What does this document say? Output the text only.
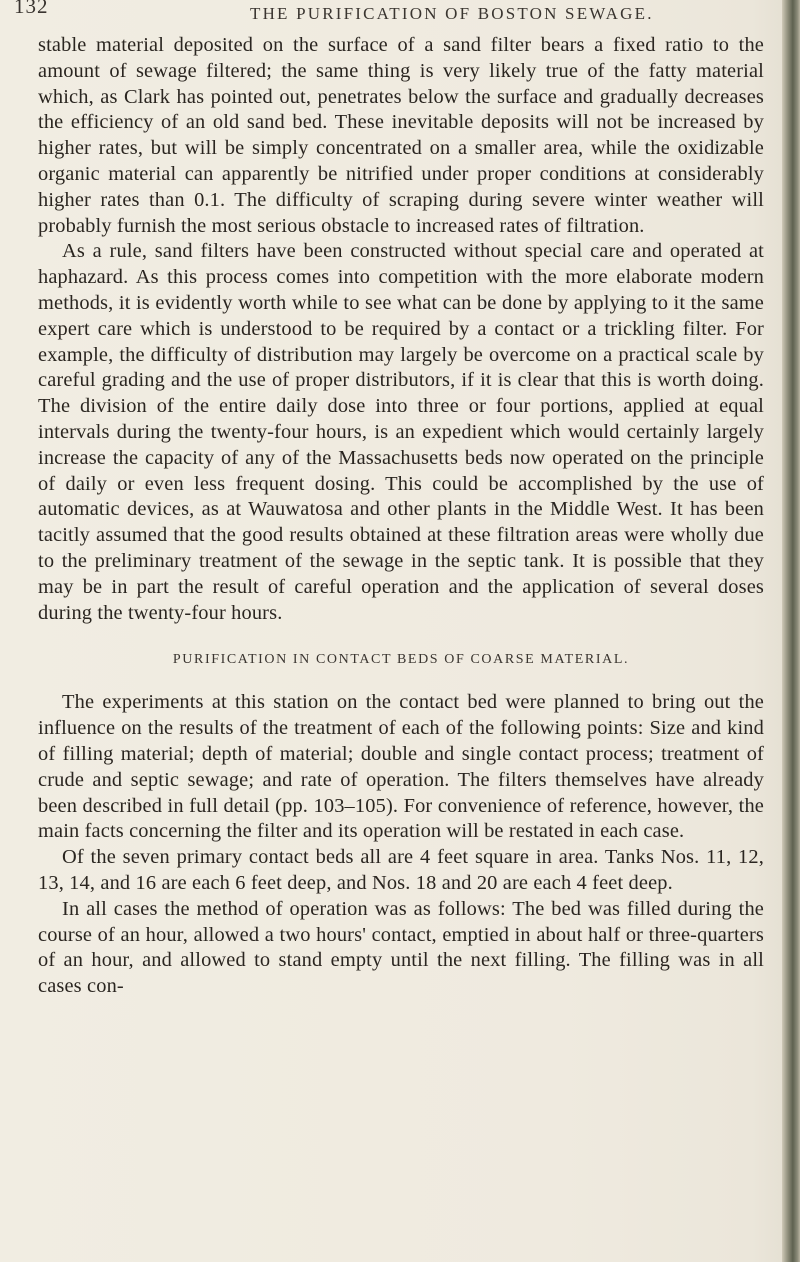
132	THE PURIFICATION OF BOSTON SEWAGE.

stable material deposited on the surface of a sand filter bears a fixed ratio to the amount of sewage filtered; the same thing is very likely true of the fatty material which, as Clark has pointed out, penetrates below the surface and gradually decreases the efficiency of an old sand bed. These inevitable deposits will not be increased by higher rates, but will be simply concentrated on a smaller area, while the oxidizable organic material can apparently be nitrified under proper conditions at considerably higher rates than 0.1. The difficulty of scraping during severe winter weather will probably furnish the most serious obstacle to increased rates of filtration.

As a rule, sand filters have been constructed without special care and operated at haphazard. As this process comes into competition with the more elaborate modern methods, it is evidently worth while to see what can be done by applying to it the same expert care which is understood to be required by a contact or a trickling filter. For example, the difficulty of distribution may largely be overcome on a practical scale by careful grading and the use of proper distributors, if it is clear that this is worth doing. The division of the entire daily dose into three or four portions, applied at equal intervals during the twenty-four hours, is an expedient which would certainly largely increase the capacity of any of the Massachusetts beds now operated on the principle of daily or even less frequent dosing. This could be accomplished by the use of automatic devices, as at Wauwatosa and other plants in the Middle West. It has been tacitly assumed that the good results obtained at these filtration areas were wholly due to the preliminary treatment of the sewage in the septic tank. It is possible that they may be in part the result of careful operation and the application of several doses during the twenty-four hours.

PURIFICATION IN CONTACT BEDS OF COARSE MATERIAL.

The experiments at this station on the contact bed were planned to bring out the influence on the results of the treatment of each of the following points: Size and kind of filling material; depth of material; double and single contact process; treatment of crude and septic sewage; and rate of operation. The filters themselves have already been described in full detail (pp. 103–105). For convenience of reference, however, the main facts concerning the filter and its operation will be restated in each case.

Of the seven primary contact beds all are 4 feet square in area. Tanks Nos. 11, 12, 13, 14, and 16 are each 6 feet deep, and Nos. 18 and 20 are each 4 feet deep.

In all cases the method of operation was as follows: The bed was filled during the course of an hour, allowed a two hours' contact, emptied in about half or three-quarters of an hour, and allowed to stand empty until the next filling. The filling was in all cases con-
